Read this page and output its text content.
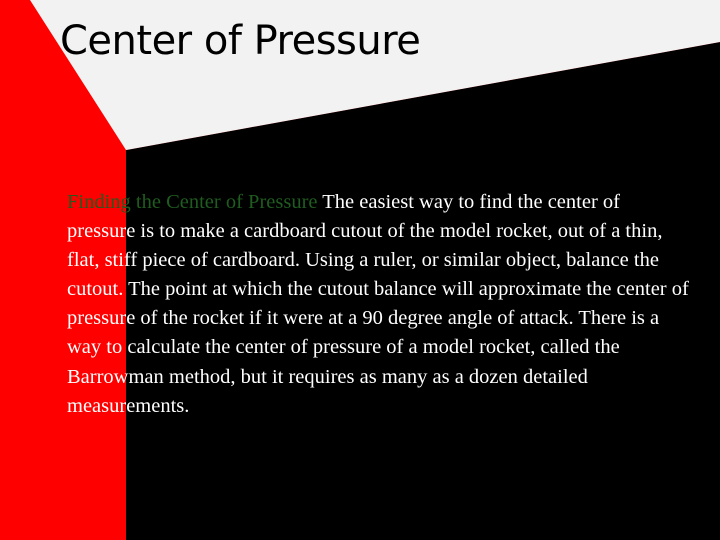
Center of Pressure

Finding the Center of Pressure The easiest way to find the center of pressure is to make a cardboard cutout of the model rocket, out of a thin, flat, stiff piece of cardboard. Using a ruler, or similar object, balance the cutout. The point at which the cutout balance will approximate the center of pressure of the rocket if it were at a 90 degree angle of attack. There is a way to calculate the center of pressure of a model rocket, called the Barrowman method, but it requires as many as a dozen detailed measurements.
